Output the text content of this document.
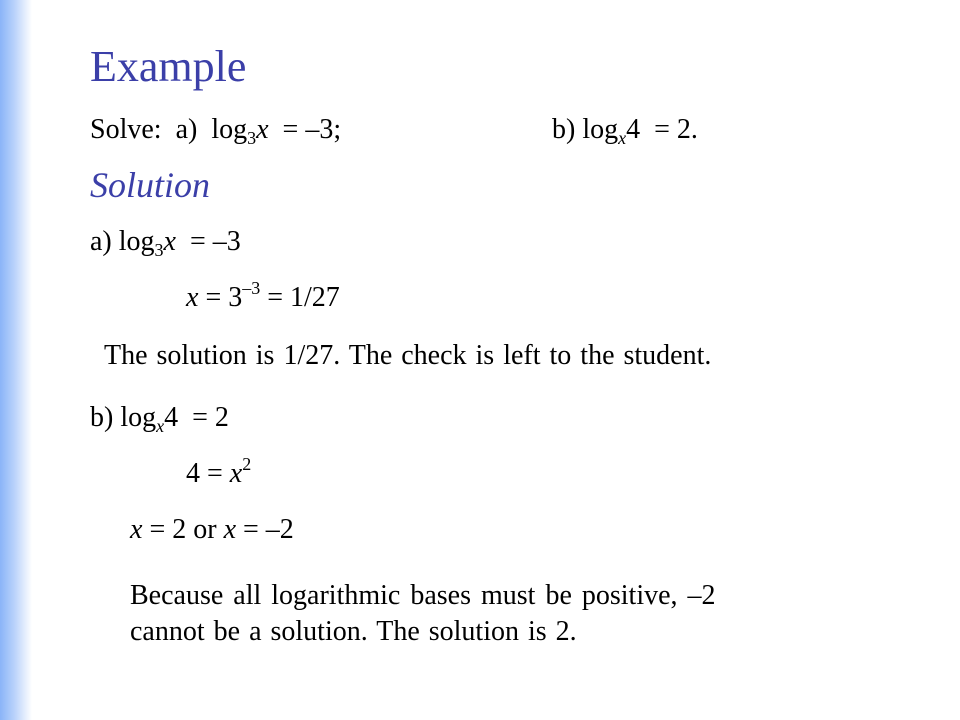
Example
Solve: a) $\log_3x = -3$;	b) $\log_x4 = 2$.
Solution
a) $\log_3x = -3$
$x = 3^{-3} = 1/27$
The solution is 1/27. The check is left to the student.
b) $\log_x4 = 2$
$4 = x^2$
x = 2 or x = –2
Because all logarithmic bases must be positive, –2
cannot be a solution. The solution is 2.
